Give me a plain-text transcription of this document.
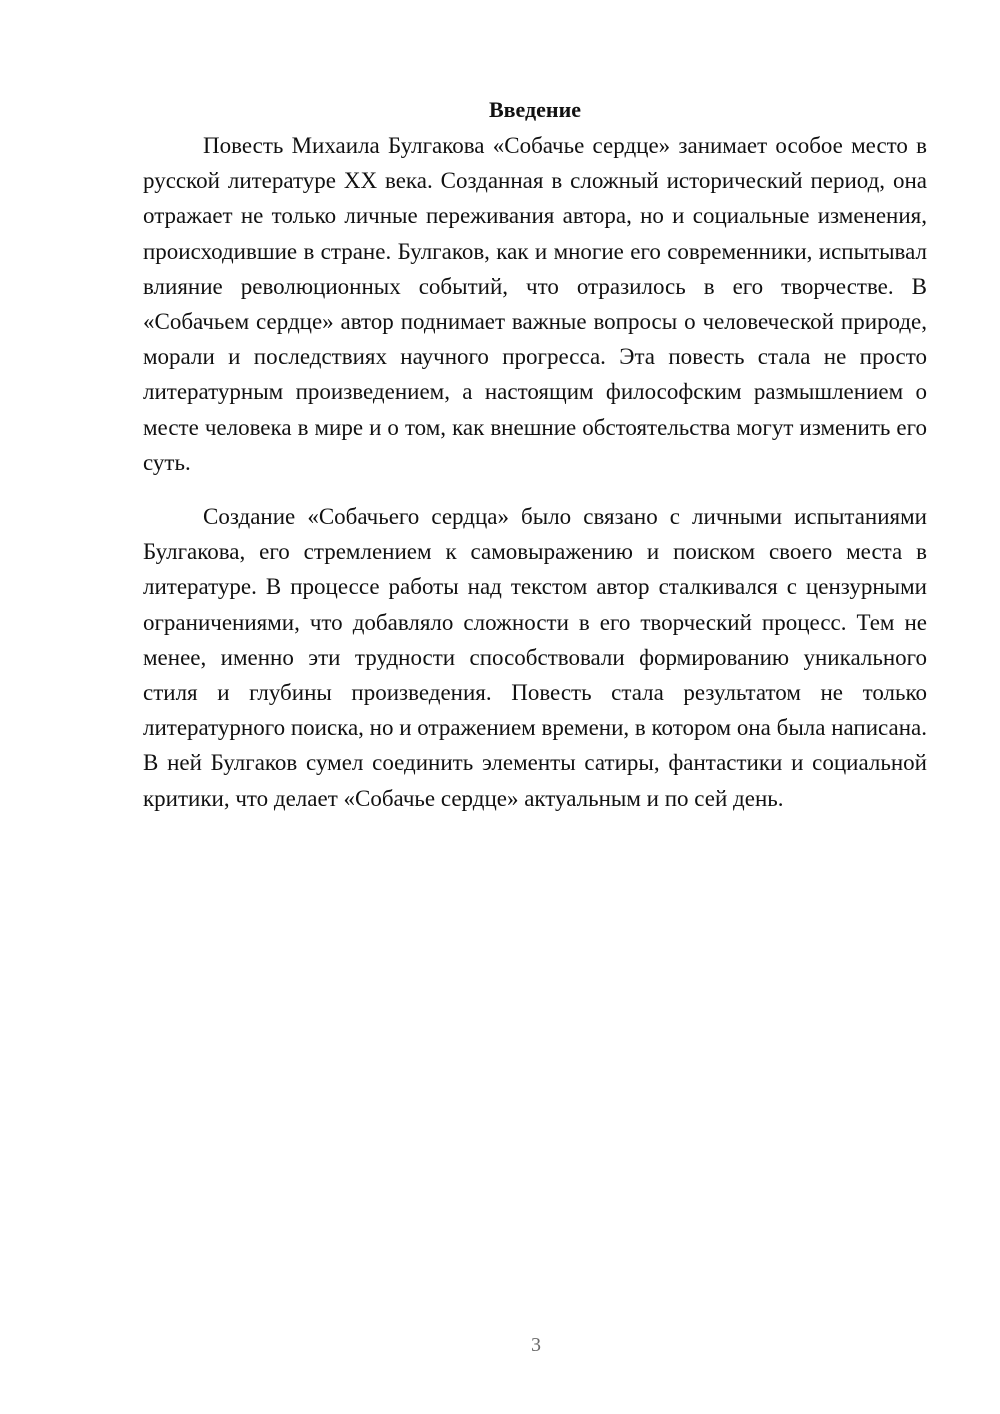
Введение

Повесть Михаила Булгакова «Собачье сердце» занимает особое место в русской литературе XX века. Созданная в сложный исторический период, она отражает не только личные переживания автора, но и социальные изменения, происходившие в стране. Булгаков, как и многие его современники, испытывал влияние революционных событий, что отразилось в его творчестве. В «Собачьем сердце» автор поднимает важные вопросы о человеческой природе, морали и последствиях научного прогресса. Эта повесть стала не просто литературным произведением, а настоящим философским размышлением о месте человека в мире и о том, как внешние обстоятельства могут изменить его суть.

Создание «Собачьего сердца» было связано с личными испытаниями Булгакова, его стремлением к самовыражению и поиском своего места в литературе. В процессе работы над текстом автор сталкивался с цензурными ограничениями, что добавляло сложности в его творческий процесс. Тем не менее, именно эти трудности способствовали формированию уникального стиля и глубины произведения. Повесть стала результатом не только литературного поиска, но и отражением времени, в котором она была написана. В ней Булгаков сумел соединить элементы сатиры, фантастики и социальной критики, что делает «Собачье сердце» актуальным и по сей день.

3
